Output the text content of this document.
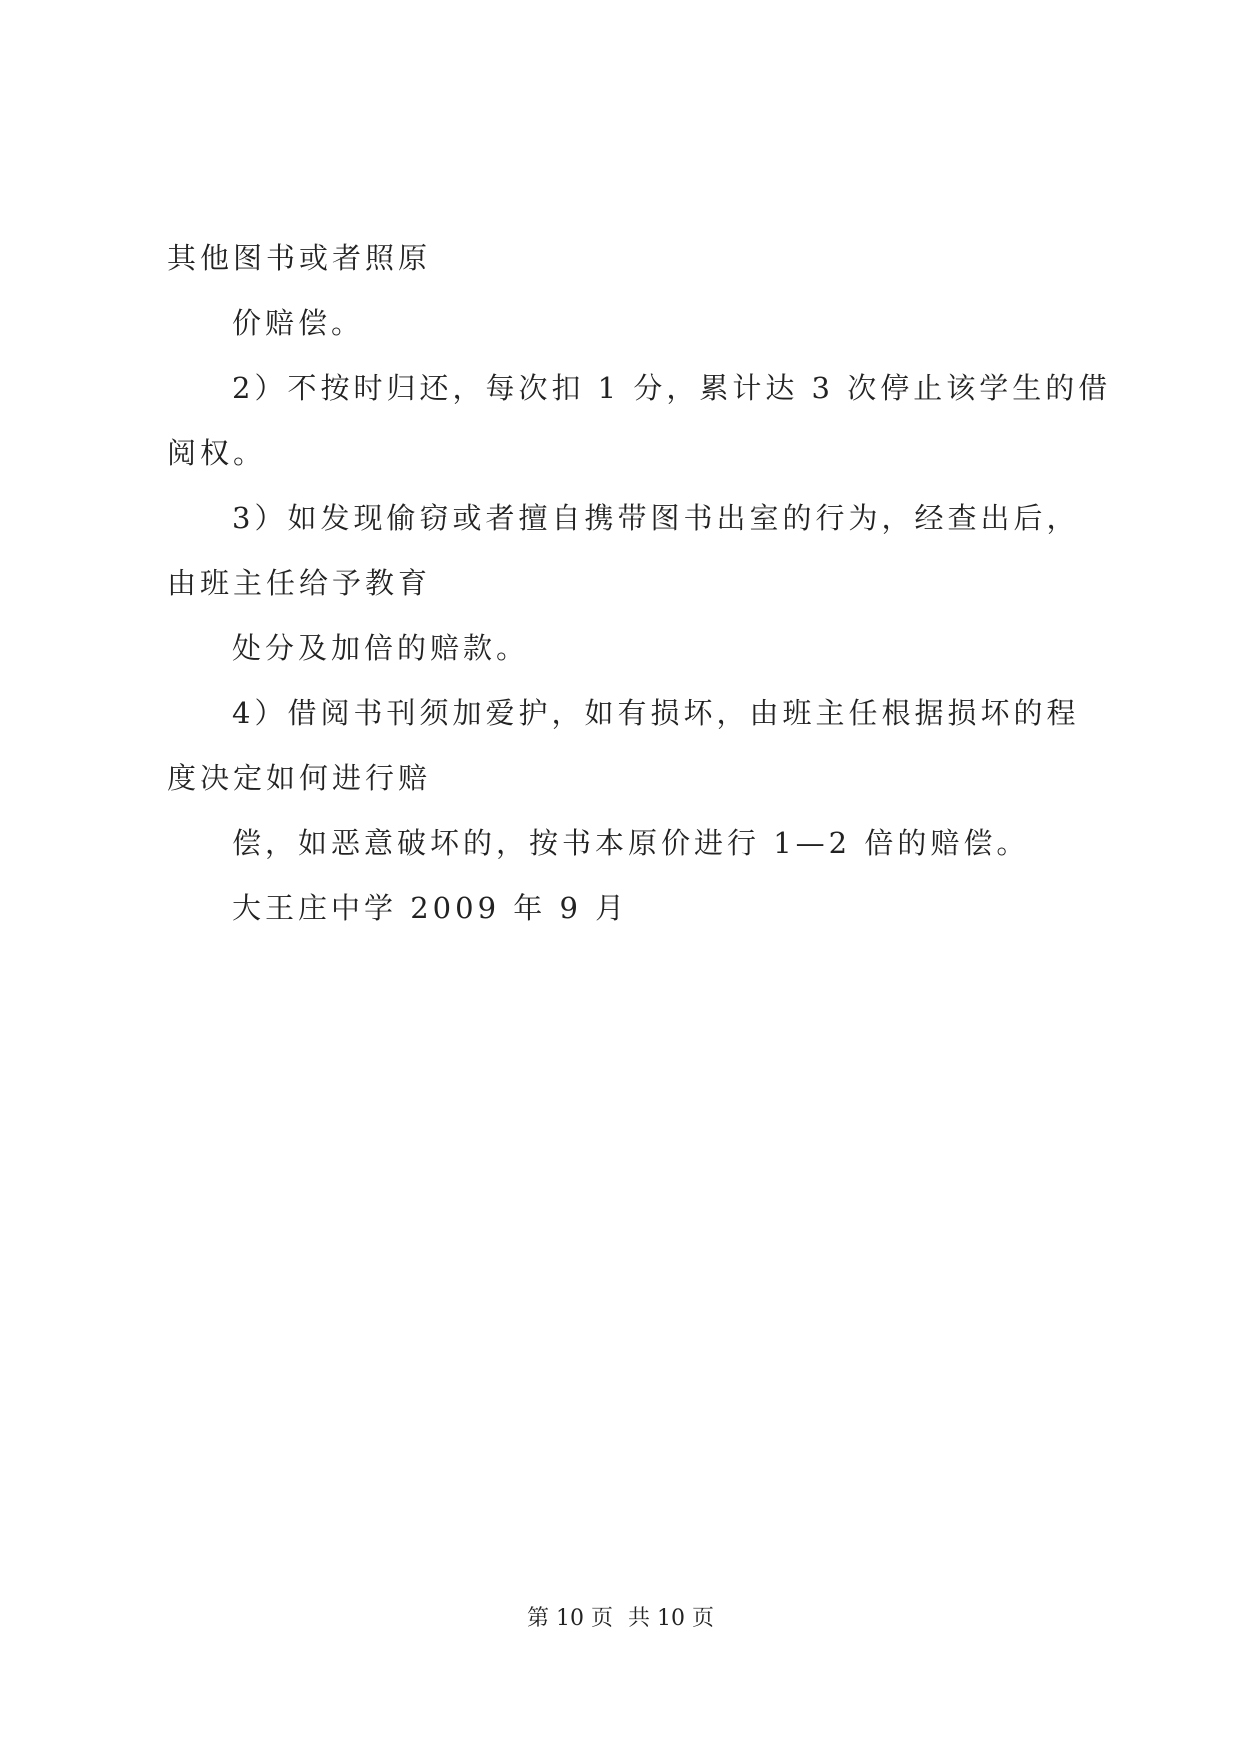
其他图书或者照原
价赔偿。
2）不按时归还，每次扣 1 分，累计达 3 次停止该学生的借
阅权。
3）如发现偷窃或者擅自携带图书出室的行为，经查出后，
由班主任给予教育
处分及加倍的赔款。
4）借阅书刊须加爱护，如有损坏，由班主任根据损坏的程
度决定如何进行赔
偿，如恶意破坏的，按书本原价进行 1—2 倍的赔偿。
大王庄中学 2009 年 9 月
第 10 页 共 10 页
